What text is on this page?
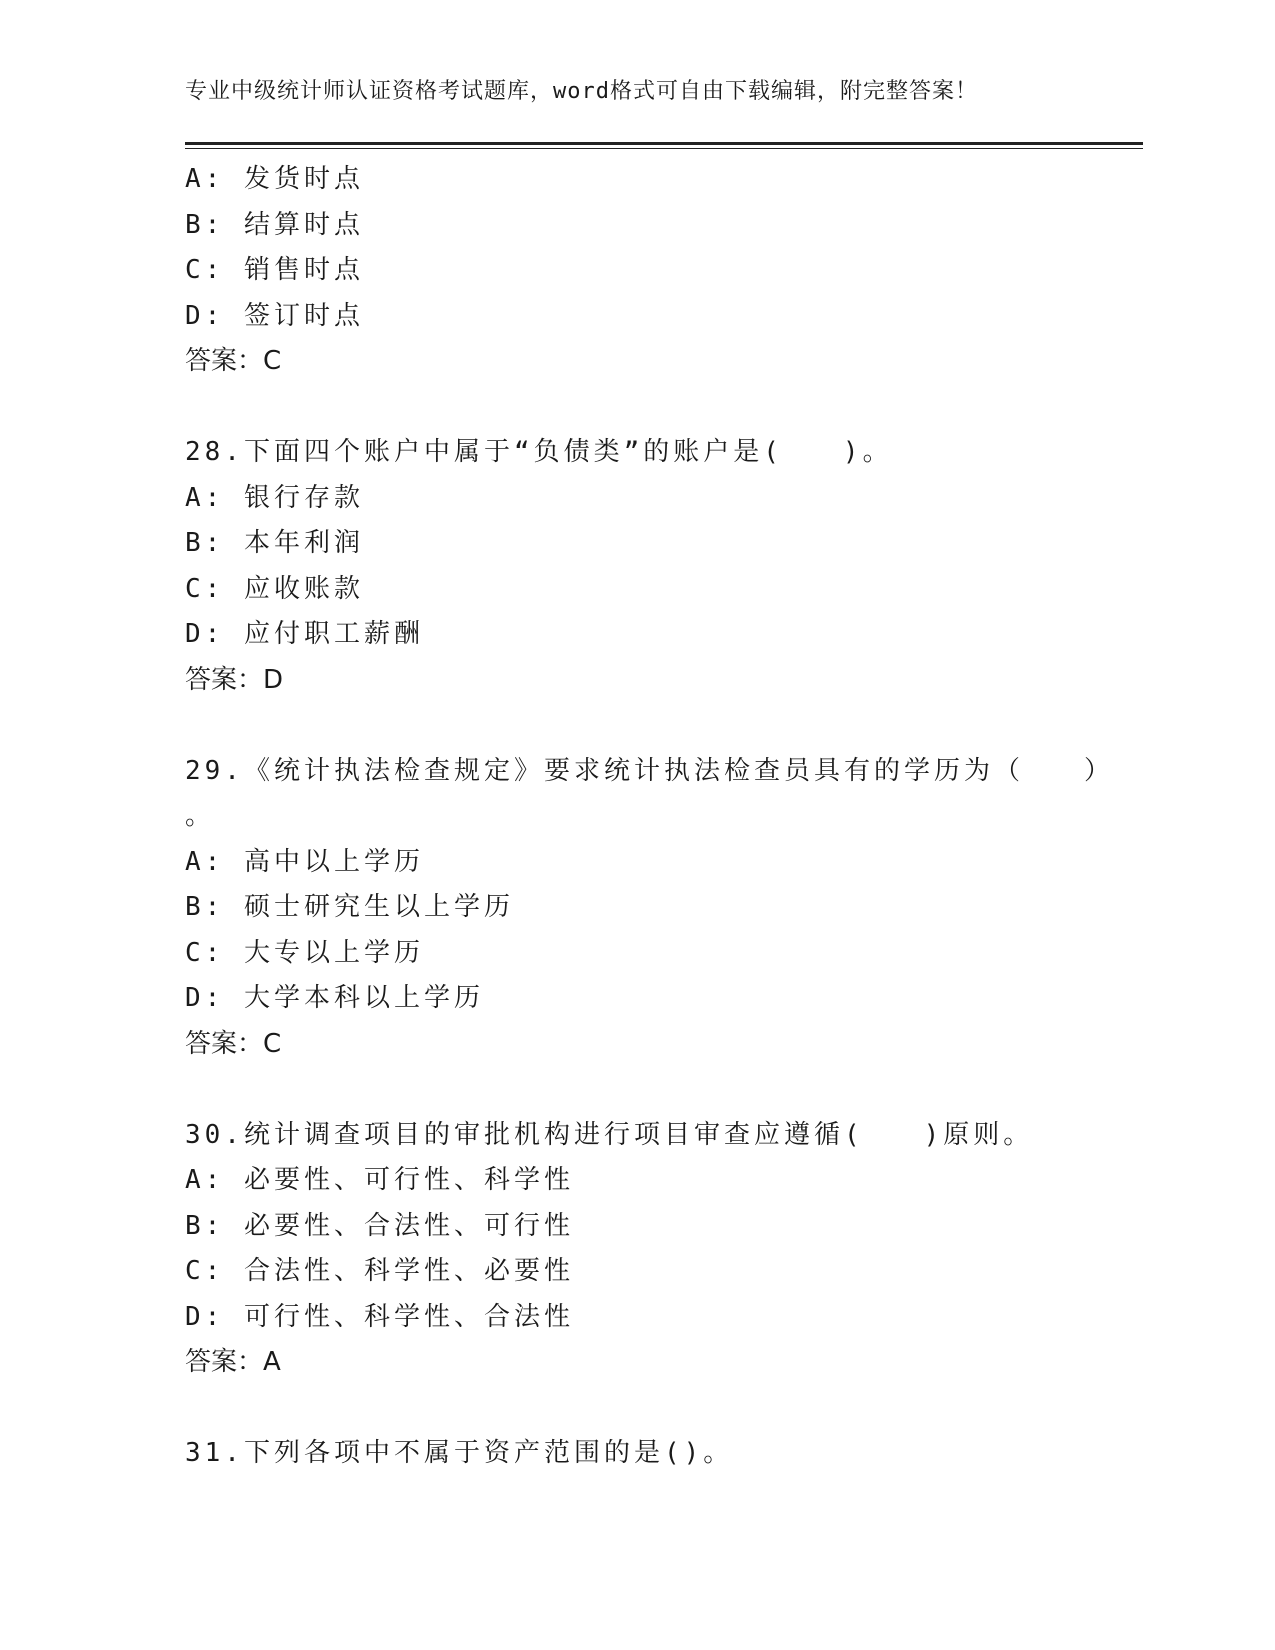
专业中级统计师认证资格考试题库，word格式可自由下载编辑，附完整答案！
A: 发货时点
B: 结算时点
C: 销售时点
D: 签订时点
答案：C
28.下面四个账户中属于“负债类”的账户是(　　)。
A: 银行存款
B: 本年利润
C: 应收账款
D: 应付职工薪酬
答案：D
29.《统计执法检查规定》要求统计执法检查员具有的学历为（　　）
。
A: 高中以上学历
B: 硕士研究生以上学历
C: 大专以上学历
D: 大学本科以上学历
答案：C
30.统计调查项目的审批机构进行项目审查应遵循(　　)原则。
A: 必要性、可行性、科学性
B: 必要性、合法性、可行性
C: 合法性、科学性、必要性
D: 可行性、科学性、合法性
答案：A
31.下列各项中不属于资产范围的是()。
